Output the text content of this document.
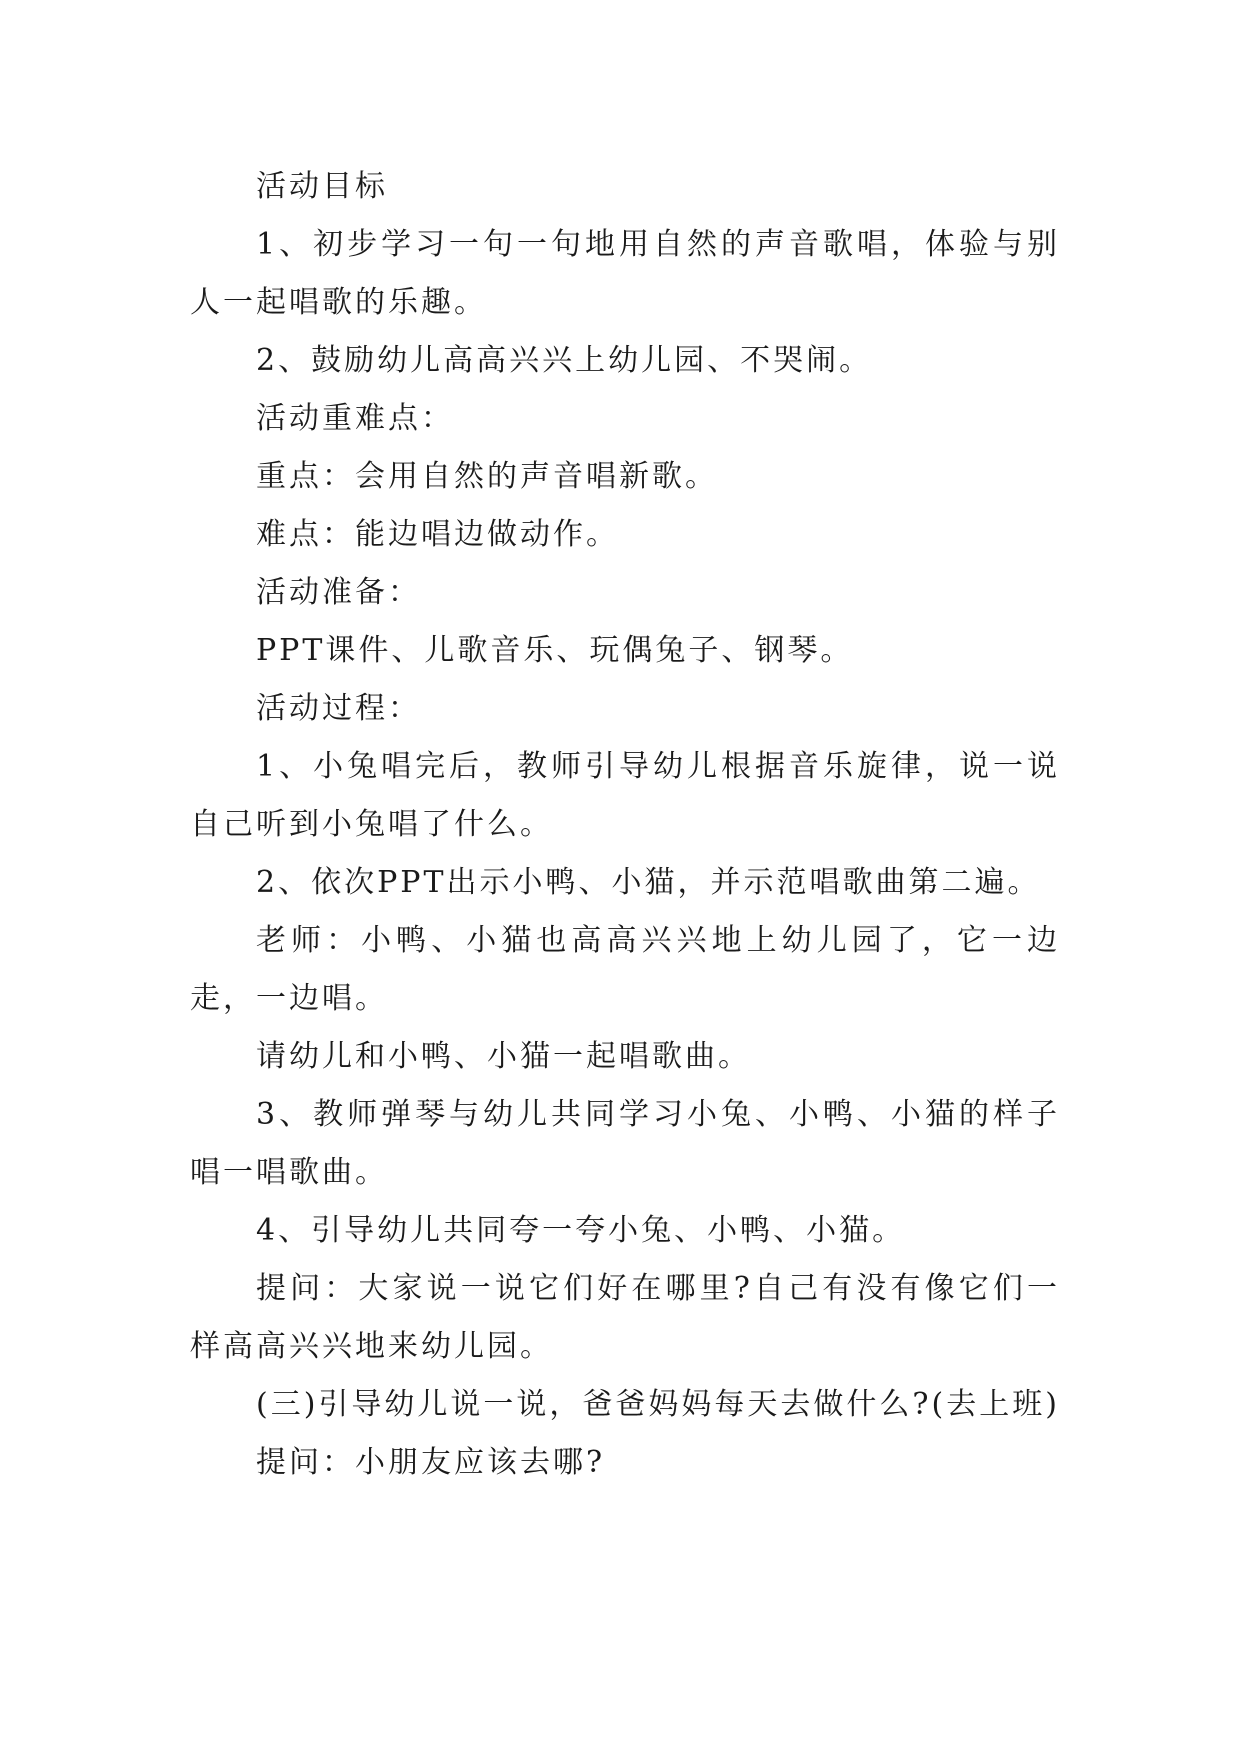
活动目标

1、初步学习一句一句地用自然的声音歌唱，体验与别人一起唱歌的乐趣。

2、鼓励幼儿高高兴兴上幼儿园、不哭闹。

活动重难点：

重点：会用自然的声音唱新歌。

难点：能边唱边做动作。

活动准备：

PPT课件、儿歌音乐、玩偶兔子、钢琴。

活动过程：

1、小兔唱完后，教师引导幼儿根据音乐旋律，说一说自己听到小兔唱了什么。

2、依次PPT出示小鸭、小猫，并示范唱歌曲第二遍。

老师：小鸭、小猫也高高兴兴地上幼儿园了，它一边走，一边唱。

请幼儿和小鸭、小猫一起唱歌曲。

3、教师弹琴与幼儿共同学习小兔、小鸭、小猫的样子唱一唱歌曲。

4、引导幼儿共同夸一夸小兔、小鸭、小猫。

提问：大家说一说它们好在哪里?自己有没有像它们一样高高兴兴地来幼儿园。

(三)引导幼儿说一说，爸爸妈妈每天去做什么?(去上班)

提问：小朋友应该去哪?
